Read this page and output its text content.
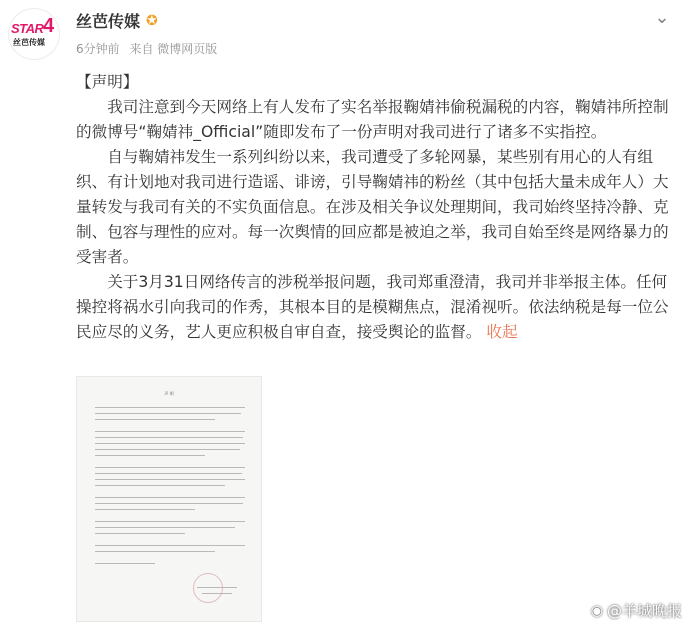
STAR 4
丝芭传媒
丝芭传媒 ✪
6分钟前 来自 微博网页版
⌄

【声明】

我司注意到今天网络上有人发布了实名举报鞠婧祎偷税漏税的内容，鞠婧祎所控制的微博号“鞠婧祎_Official”随即发布了一份声明对我司进行了诸多不实指控。

自与鞠婧祎发生一系列纠纷以来，我司遭受了多轮网暴，某些别有用心的人有组织、有计划地对我司进行造谣、诽谤，引导鞠婧祎的粉丝（其中包括大量未成年人）大量转发与我司有关的不实负面信息。在涉及相关争议处理期间，我司始终坚持冷静、克制、包容与理性的应对。每一次舆情的回应都是被迫之举，我司自始至终是网络暴力的受害者。

关于3月31日网络传言的涉税举报问题，我司郑重澄清，我司并非举报主体。任何操控将祸水引向我司的作秀，其根本目的是模糊焦点，混淆视听。依法纳税是每一位公民应尽的义务，艺人更应积极自审自查，接受舆论的监督。 收起

声 明
◉ @羊城晚报
